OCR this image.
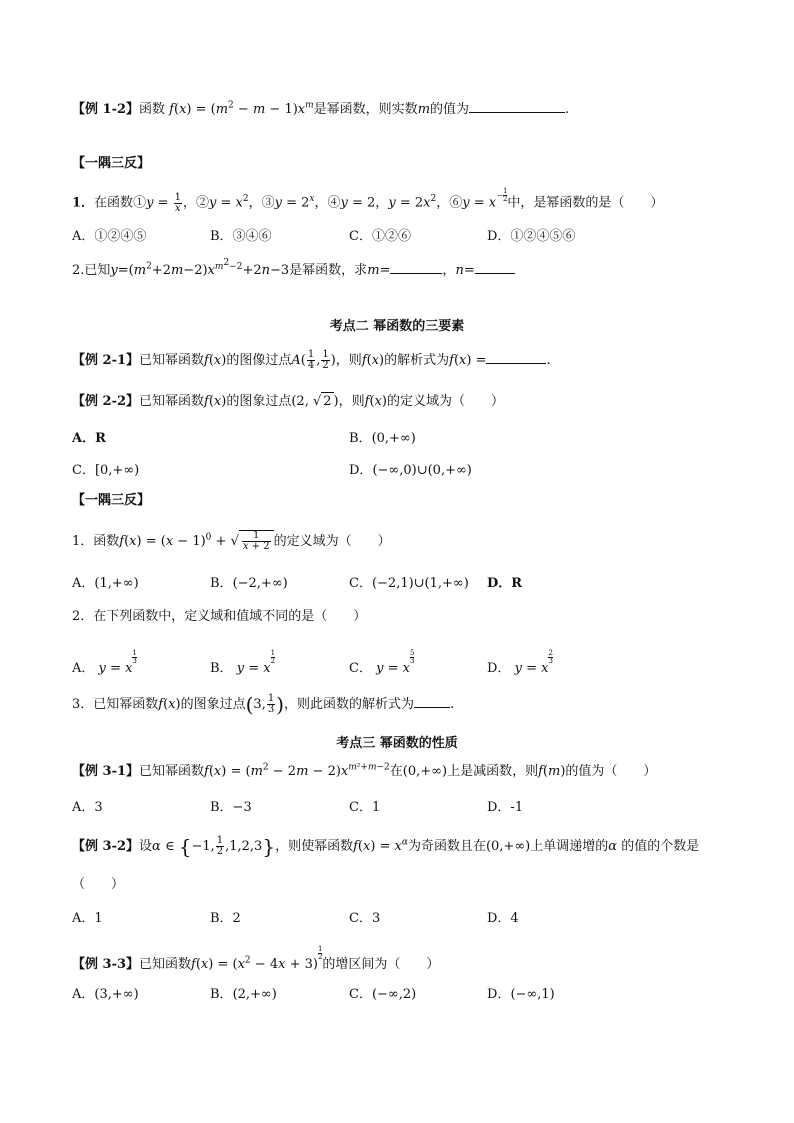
【例 1-2】函数 $f(x) = (m^2 - m - 1)x^m$是幂函数，则实数m的值为	.
【一隅三反】
1．在函数①y = $\frac{1}{x}$ ，②y = $x^2$，③y = $2^x$，④y = 2，$y = 2x^2$，⑥y = $x- \frac{1}{2}$ 中，是幂函数的是（　　）
A．①②④⑤	B．③④⑥	C．①②⑥	D．①②④⑤⑥
2.已知$y=(m^2+2m-2)x^{m^2-2}+2n-3$是幂函数，求m=	，n=
考点二 幂函数的三要素
【例 2-1】已知幂函数f(x)的图像过点$A( \frac{1}{4}$ , $\frac{1}{2}$ )，则f(x)的解析式为f(x) =	.
【例 2-2】已知幂函数f(x)的图象过点(2, √ 2 )，则f(x)的定义域为（　　）
A．R	B．(0,+∞)
C．[0,+∞)	D．(−∞,0)∪(0,+∞)
【一隅三反】
1．函数$f(x) = (x - 1)^0$ + √ $\frac{1}{x + 2}$ 的定义域为（　　）
A．(1,+∞)	B．(−2,+∞)	C．(−2,1)∪(1,+∞) D．R
2．在下列函数中，定义域和值域不同的是（　　）
A． y = x
$\frac{1}{3}$
B． y = x
$\frac{1}{2}$
C． y = x
$\frac{5}{3}$
D． y = x
$\frac{2}{3}$
3．已知幂函数f(x)的图象过点(3, $\frac{1}{3}$ )，则此函数的解析式为	.
考点三 幂函数的性质
【例 3-1】已知幂函数$f(x) = (m^2 - 2m - 2)x^{m^2+m-2}$在(0,+∞)上是减函数，则f(m)的值为（　　）
A．3	B．−3	C．1	D．-1
【例 3-2】设α ∈ {−1, $\frac{1}{2} ,1,2,3$}，则使幂函数$f(x) = x^\alpha$为奇函数且在(0,+∞)上单调递增的α 的值的个数是
（　　）
A．1	B．2	C．3	D．4
【例 3-3】已知函数$f(x) = (x^2 - 4x + 3)$
$\frac{1}{2}$
的增区间为（　　）
A．(3,+∞)	B．(2,+∞)	C．(−∞,2)	D．(−∞,1)
